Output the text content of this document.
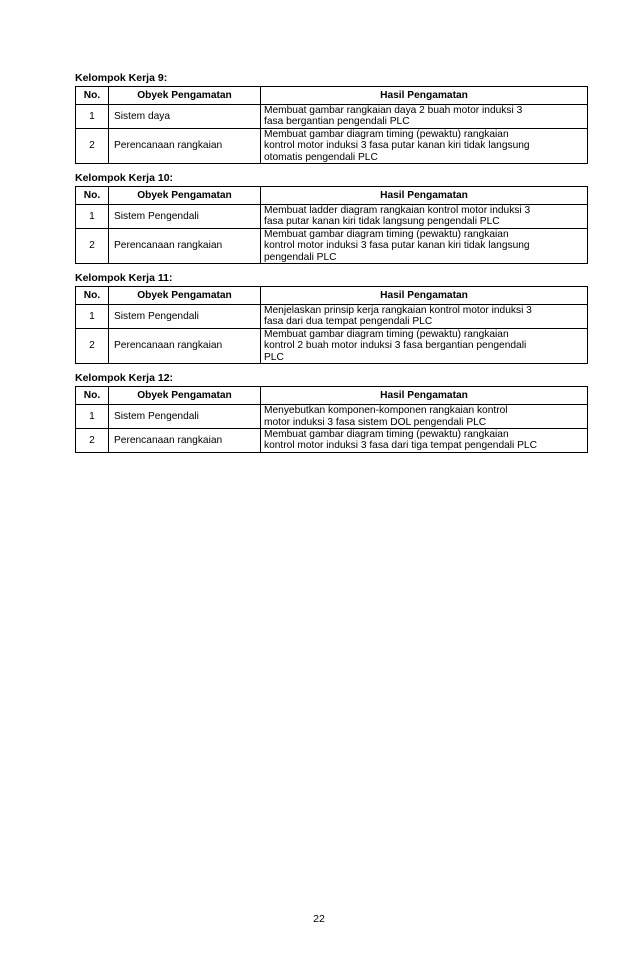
Kelompok Kerja 9:
No.	Obyek Pengamatan	Hasil Pengamatan
1	Sistem daya	Membuat gambar rangkaian daya 2 buah motor induksi 3
fasa bergantian pengendali PLC

2	Perencanaan rangkaian	Membuat gambar diagram timing (pewaktu) rangkaian
kontrol motor induksi 3 fasa putar kanan kiri tidak langsung
otomatis pengendali PLC
Kelompok Kerja 10:
No.	Obyek Pengamatan	Hasil Pengamatan
1	Sistem Pengendali	Membuat ladder diagram rangkaian kontrol motor induksi 3
fasa putar kanan kiri tidak langsung pengendali PLC

2	Perencanaan rangkaian	Membuat gambar diagram timing (pewaktu) rangkaian
kontrol motor induksi 3 fasa putar kanan kiri tidak langsung
pengendali PLC
Kelompok Kerja 11:
No.	Obyek Pengamatan	Hasil Pengamatan
1	Sistem Pengendali	Menjelaskan prinsip kerja rangkaian kontrol motor induksi 3
fasa dari dua tempat pengendali PLC

2	Perencanaan rangkaian	Membuat gambar diagram timing (pewaktu) rangkaian
kontrol 2 buah motor induksi 3 fasa bergantian pengendali
PLC
Kelompok Kerja 12:
No.	Obyek Pengamatan	Hasil Pengamatan
1	Sistem Pengendali	Menyebutkan komponen-komponen rangkaian kontrol
motor induksi 3 fasa sistem DOL pengendali PLC

2	Perencanaan rangkaian	Membuat gambar diagram timing (pewaktu) rangkaian
kontrol motor induksi 3 fasa dari tiga tempat pengendali PLC
22
